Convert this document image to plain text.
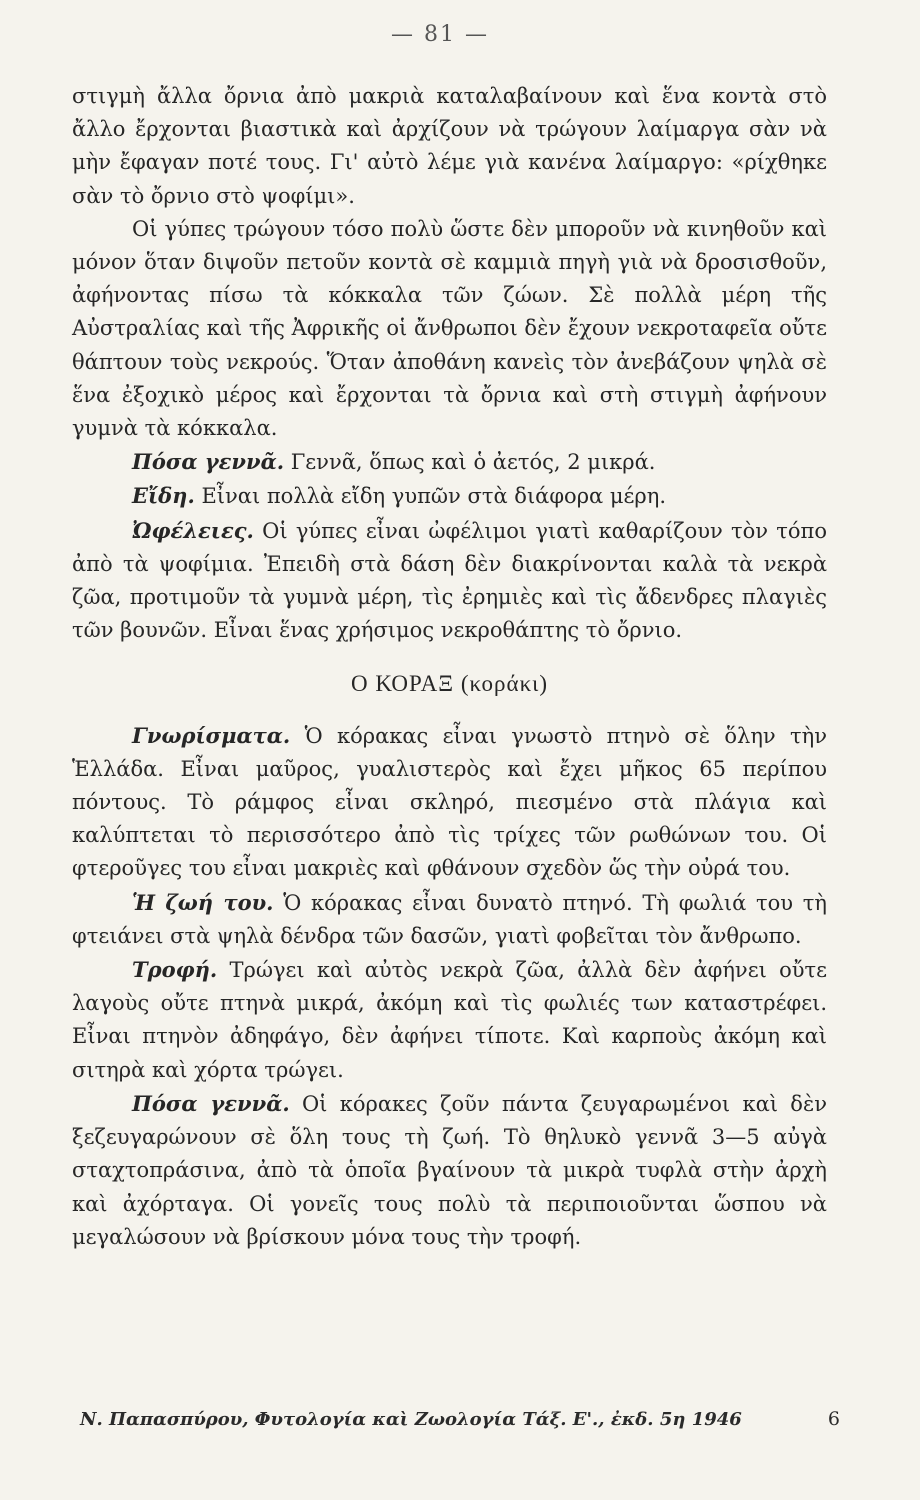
— 81 —

στιγμὴ ἄλλα ὄρνια ἀπὸ μακριὰ καταλαβαίνουν καὶ ἕνα κοντὰ στὸ ἄλλο ἔρχονται βιαστικὰ καὶ ἀρχίζουν νὰ τρώγουν λαίμαργα σὰν νὰ μὴν ἔφαγαν ποτέ τους. Γι' αὐτὸ λέμε γιὰ κανένα λαίμαργο: «ρίχθηκε σὰν τὸ ὄρνιο στὸ ψοφίμι».

Οἱ γύπες τρώγουν τόσο πολὺ ὥστε δὲν μποροῦν νὰ κινηθοῦν καὶ μόνον ὅταν διψοῦν πετοῦν κοντὰ σὲ καμμιὰ πηγὴ γιὰ νὰ δροσισθοῦν, ἀφήνοντας πίσω τὰ κόκκαλα τῶν ζώων. Σὲ πολλὰ μέρη τῆς Αὐστραλίας καὶ τῆς Ἀφρικῆς οἱ ἄνθρωποι δὲν ἔχουν νεκροταφεῖα οὔτε θάπτουν τοὺς νεκρούς. Ὅταν ἀποθάνη κανεὶς τὸν ἀνεβάζουν ψηλὰ σὲ ἕνα ἐξοχικὸ μέρος καὶ ἔρχονται τὰ ὄρνια καὶ στὴ στιγμὴ ἀφήνουν γυμνὰ τὰ κόκκαλα.

Πόσα γεννᾶ. Γεννᾶ, ὅπως καὶ ὁ ἀετός, 2 μικρά.

Εἴδη. Εἶναι πολλὰ εἴδη γυπῶν στὰ διάφορα μέρη.

Ὠφέλειες. Οἱ γύπες εἶναι ὠφέλιμοι γιατὶ καθαρίζουν τὸν τόπο ἀπὸ τὰ ψοφίμια. Ἐπειδὴ στὰ δάση δὲν διακρίνονται καλὰ τὰ νεκρὰ ζῶα, προτιμοῦν τὰ γυμνὰ μέρη, τὶς ἐρημιὲς καὶ τὶς ἄδενδρες πλαγιὲς τῶν βουνῶν. Εἶναι ἕνας χρήσιμος νεκροθάπτης τὸ ὄρνιο.

Ο ΚΟΡΑΞ (κοράκι)

Γνωρίσματα. Ὁ κόρακας εἶναι γνωστὸ πτηνὸ σὲ ὅλην τὴν Ἑλλάδα. Εἶναι μαῦρος, γυαλιστερὸς καὶ ἔχει μῆκος 65 περίπου πόντους. Τὸ ράμφος εἶναι σκληρό, πιεσμένο στὰ πλάγια καὶ καλύπτεται τὸ περισσότερο ἀπὸ τὶς τρίχες τῶν ρωθώνων του. Οἱ φτεροῦγες του εἶναι μακριὲς καὶ φθάνουν σχεδὸν ὥς τὴν οὐρά του.

Ἡ ζωή του. Ὁ κόρακας εἶναι δυνατὸ πτηνό. Τὴ φωλιά του τὴ φτειάνει στὰ ψηλὰ δένδρα τῶν δασῶν, γιατὶ φοβεῖται τὸν ἄνθρωπο.

Τροφή. Τρώγει καὶ αὐτὸς νεκρὰ ζῶα, ἀλλὰ δὲν ἀφήνει οὔτε λαγοὺς οὔτε πτηνὰ μικρά, ἀκόμη καὶ τὶς φωλιές των καταστρέφει. Εἶναι πτηνὸν ἀδηφάγο, δὲν ἀφήνει τίποτε. Καὶ καρποὺς ἀκόμη καὶ σιτηρὰ καὶ χόρτα τρώγει.

Πόσα γεννᾶ. Οἱ κόρακες ζοῦν πάντα ζευγαρωμένοι καὶ δὲν ξεζευγαρώνουν σὲ ὅλη τους τὴ ζωή. Τὸ θηλυκὸ γεννᾶ 3—5 αὐγὰ σταχτοπράσινα, ἀπὸ τὰ ὁποῖα βγαίνουν τὰ μικρὰ τυφλὰ στὴν ἀρχὴ καὶ ἀχόρταγα. Οἱ γονεῖς τους πολὺ τὰ περιποιοῦνται ὥσπου νὰ μεγαλώσουν νὰ βρίσκουν μόνα τους τὴν τροφή.

Ν. Παπασπύρου, Φυτολογία καὶ Ζωολογία Τάξ. Ε'., ἐκδ. 5η 1946	6
